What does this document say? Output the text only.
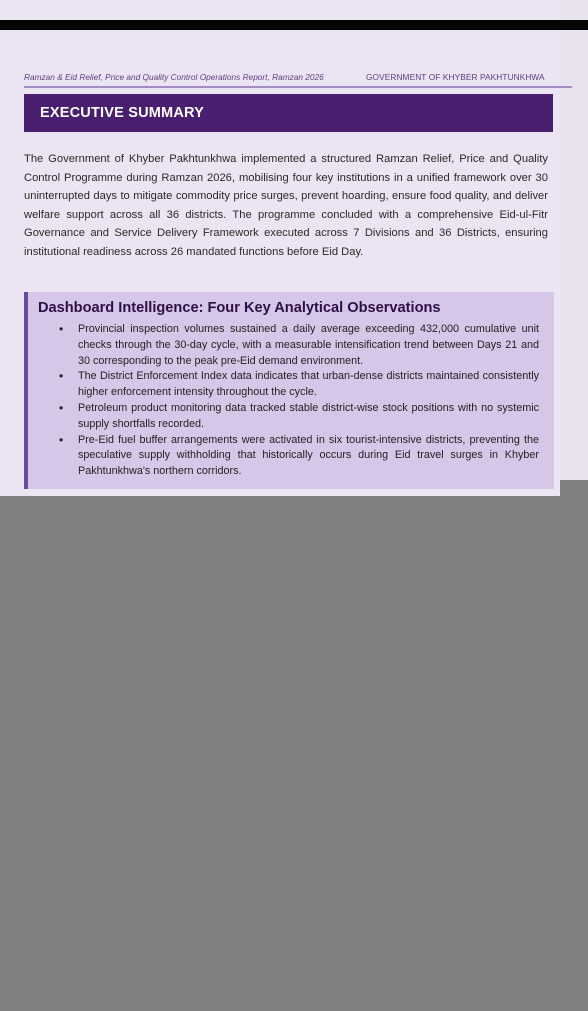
Ramzan & Eid Relief, Price and Quality Control Operations Report, Ramzan 2026	GOVERNMENT OF KHYBER PAKHTUNKHWA
EXECUTIVE SUMMARY

The Government of Khyber Pakhtunkhwa implemented a structured Ramzan Relief, Price and Quality Control Programme during Ramzan 2026, mobilising four key institutions in a unified framework over 30 uninterrupted days to mitigate commodity price surges, prevent hoarding, ensure food quality, and deliver welfare support across all 36 districts. The programme concluded with a comprehensive Eid-ul-Fitr Governance and Service Delivery Framework executed across 7 Divisions and 36 Districts, ensuring institutional readiness across 26 mandated functions before Eid Day.

Dashboard Intelligence: Four Key Analytical Observations
• Provincial inspection volumes sustained a daily average exceeding 432,000 cumulative unit checks through the 30-day cycle, with a measurable intensification trend between Days 21 and 30 corresponding to the peak pre-Eid demand environment.
• The District Enforcement Index data indicates that urban-dense districts maintained consistently higher enforcement intensity throughout the cycle.
• Petroleum product monitoring data tracked stable district-wise stock positions with no systemic supply shortfalls recorded.
• Pre-Eid fuel buffer arrangements were activated in six tourist-intensive districts, preventing the speculative supply withholding that historically occurs during Eid travel surges in Khyber Pakhtunkhwa's northern corridors.
